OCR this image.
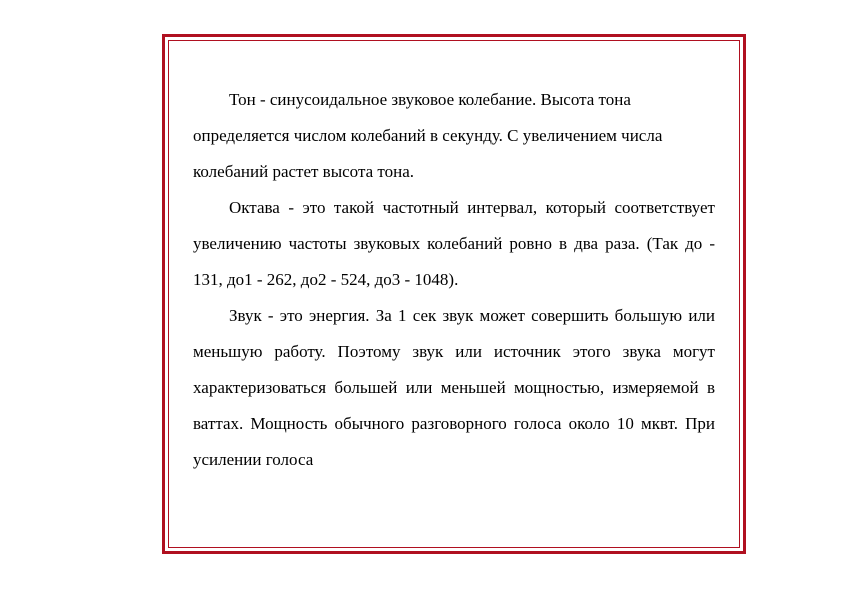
Тон - синусоидальное звуковое колебание. Высота тона определяется числом колебаний в секунду. С увеличением числа колебаний растет высота тона.

Октава - это такой частотный интервал, который соответствует увеличению частоты звуковых колебаний ровно в два раза. (Так до - 131, до1 - 262, до2 - 524, до3 - 1048).

Звук - это энергия. За 1 сек звук может совершить большую или меньшую работу. Поэтому звук или источник этого звука могут характеризоваться большей или меньшей мощностью, измеряемой в ваттах. Мощность обычного разговорного голоса около 10 мквт. При усилении голоса
